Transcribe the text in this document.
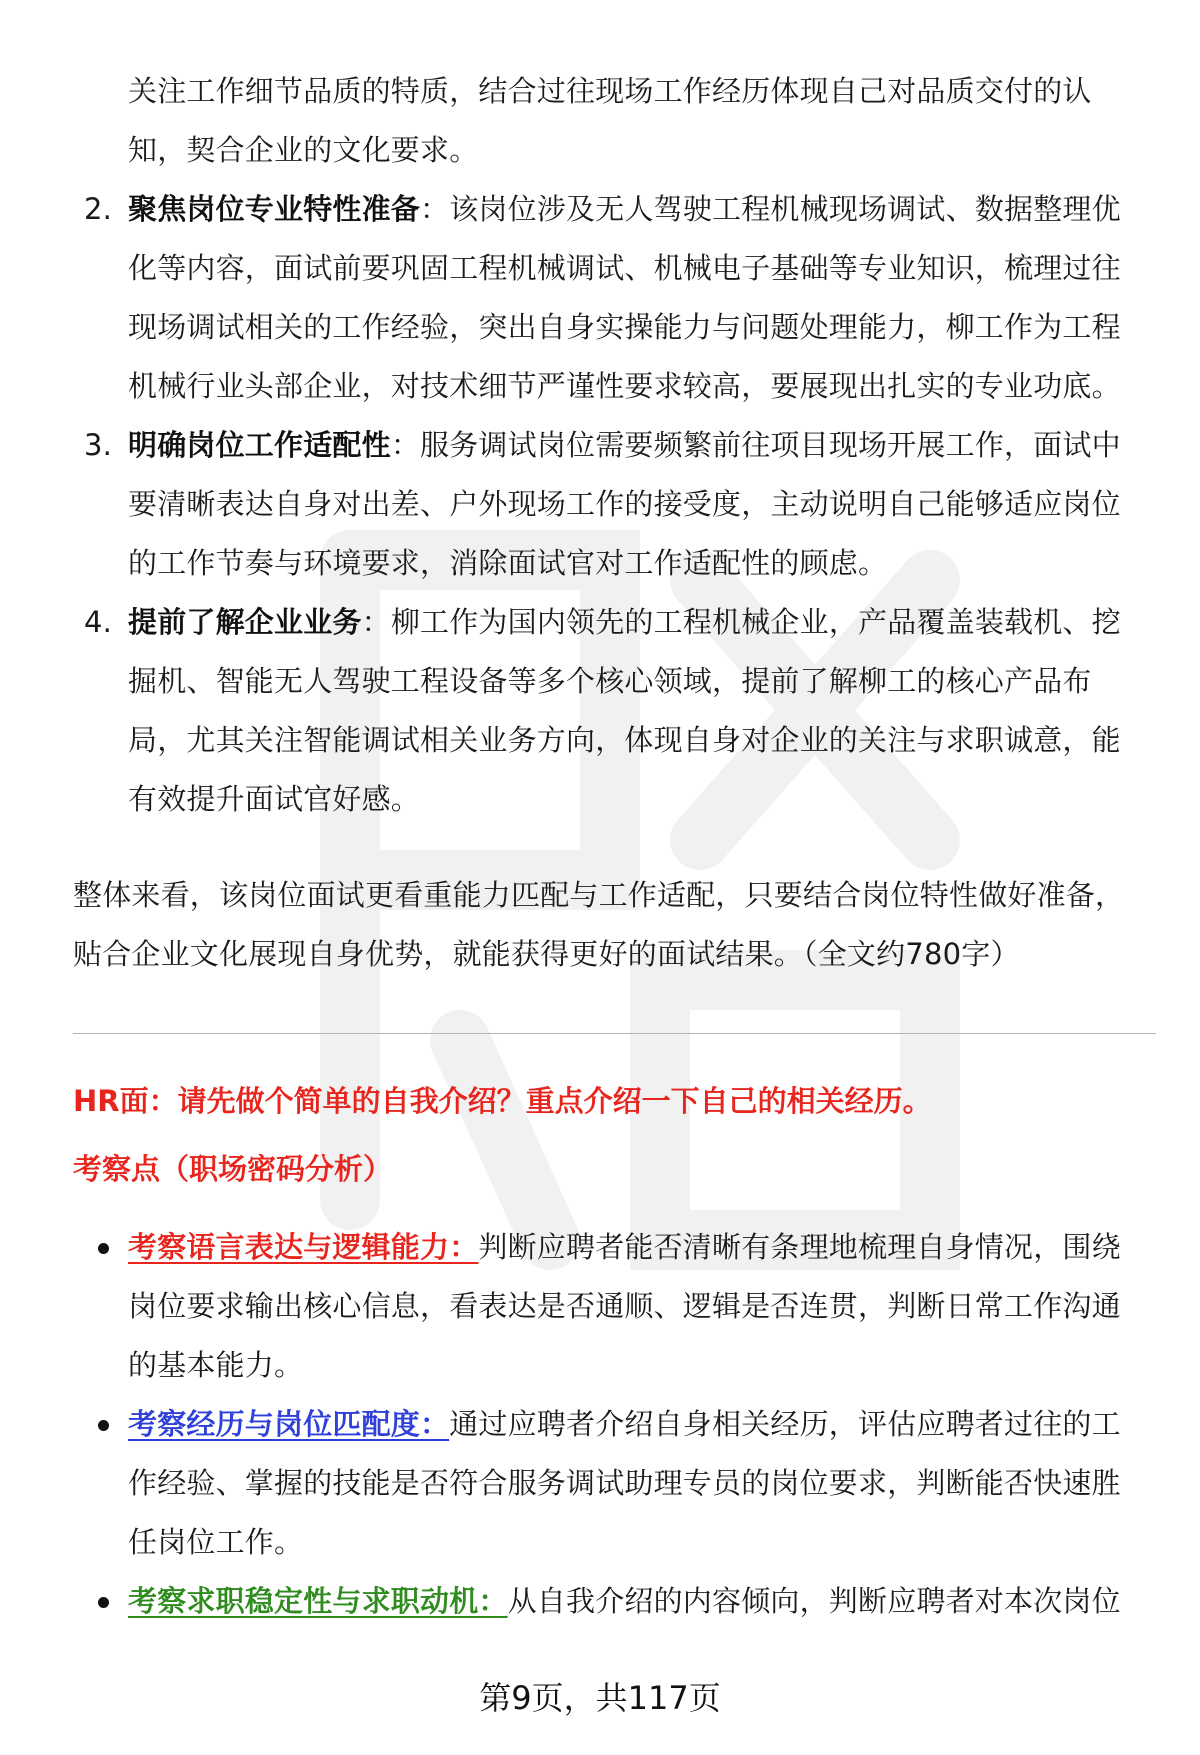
关注工作细节品质的特质，结合过往现场工作经历体现自己对品质交付的认知，契合企业的文化要求。
2. 聚焦岗位专业特性准备：该岗位涉及无人驾驶工程机械现场调试、数据整理优化等内容，面试前要巩固工程机械调试、机械电子基础等专业知识，梳理过往现场调试相关的工作经验，突出自身实操能力与问题处理能力，柳工作为工程机械行业头部企业，对技术细节严谨性要求较高，要展现出扎实的专业功底。
3. 明确岗位工作适配性：服务调试岗位需要频繁前往项目现场开展工作，面试中要清晰表达自身对出差、户外现场工作的接受度，主动说明自己能够适应岗位的工作节奏与环境要求，消除面试官对工作适配性的顾虑。
4. 提前了解企业业务：柳工作为国内领先的工程机械企业，产品覆盖装载机、挖掘机、智能无人驾驶工程设备等多个核心领域，提前了解柳工的核心产品布局，尤其关注智能调试相关业务方向，体现自身对企业的关注与求职诚意，能有效提升面试官好感。
整体来看，该岗位面试更看重能力匹配与工作适配，只要结合岗位特性做好准备，贴合企业文化展现自身优势，就能获得更好的面试结果。（全文约780字）
HR面：请先做个简单的自我介绍？重点介绍一下自己的相关经历。
考察点（职场密码分析）
考察语言表达与逻辑能力：判断应聘者能否清晰有条理地梳理自身情况，围绕岗位要求输出核心信息，看表达是否通顺、逻辑是否连贯，判断日常工作沟通的基本能力。
考察经历与岗位匹配度：通过应聘者介绍自身相关经历，评估应聘者过往的工作经验、掌握的技能是否符合服务调试助理专员的岗位要求，判断能否快速胜任岗位工作。
考察求职稳定性与求职动机：从自我介绍的内容倾向，判断应聘者对本次岗位
第9页，共117页
